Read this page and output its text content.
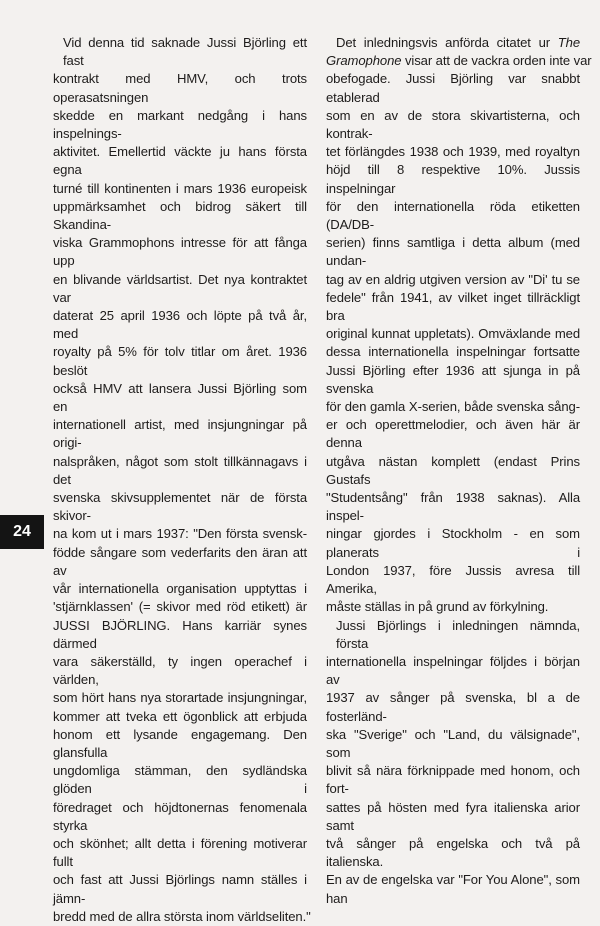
Vid denna tid saknade Jussi Björling ett fast
kontrakt med HMV, och trots operasatsningen
skedde en markant nedgång i hans inspelnings-
aktivitet. Emellertid väckte ju hans första egna
turné till kontinenten i mars 1936 europeisk
uppmärksamhet och bidrog säkert till Skandina-
viska Grammophons intresse för att fånga upp
en blivande världsartist. Det nya kontraktet var
daterat 25 april 1936 och löpte på två år, med
royalty på 5% för tolv titlar om året. 1936 beslöt
också HMV att lansera Jussi Björling som en
internationell artist, med insjungningar på origi-
nalspråken, något som stolt tillkännagavs i det
svenska skivsupplementet när de första skivor-
na kom ut i mars 1937: "Den första svensk-
födde sångare som vederfarits den äran att av
vår internationella organisation upptyttas i
'stjärnklassen' (= skivor med röd etikett) är
JUSSI BJÖRLING. Hans karriär synes därmed
vara säkerställd, ty ingen operachef i världen,
som hört hans nya storartade insjungningar,
kommer att tveka ett ögonblick att erbjuda
honom ett lysande engagemang. Den glansfulla
ungdomliga stämman, den sydländska glöden i
föredraget och höjdtonernas fenomenala styrka
och skönhet; allt detta i förening motiverar fullt
och fast att Jussi Björlings namn ställes i jämn-
bredd med de allra största inom världseliten."
Det inledningsvis anförda citatet ur The
Gramophone visar att de vackra orden inte var
obefogade. Jussi Björling var snabbt etablerad
som en av de stora skivartisterna, och kontrak-
tet förlängdes 1938 och 1939, med royaltyn
höjd till 8 respektive 10%. Jussis inspelningar
för den internationella röda etiketten (DA/DB-
serien) finns samtliga i detta album (med undan-
tag av en aldrig utgiven version av "Di' tu se
fedele" från 1941, av vilket inget tillräckligt bra
original kunnat uppletats). Omväxlande med
dessa internationella inspelningar fortsatte
Jussi Björling efter 1936 att sjunga in på svenska
för den gamla X-serien, både svenska sång-
er och operettmelodier, och även här är denna
utgåva nästan komplett (endast Prins Gustafs
"Studentsång" från 1938 saknas). Alla inspel-
ningar gjordes i Stockholm - en som planerats i
London 1937, före Jussis avresa till Amerika,
måste ställas in på grund av förkylning.
Jussi Björlings i inledningen nämnda, första
internationella inspelningar följdes i början av
1937 av sånger på svenska, bl a de fosterländ-
ska "Sverige" och "Land, du välsignade", som
blivit så nära förknippade med honom, och fort-
sattes på hösten med fyra italienska arior samt
två sånger på engelska och två på italienska.
En av de engelska var "For You Alone", som han
24
